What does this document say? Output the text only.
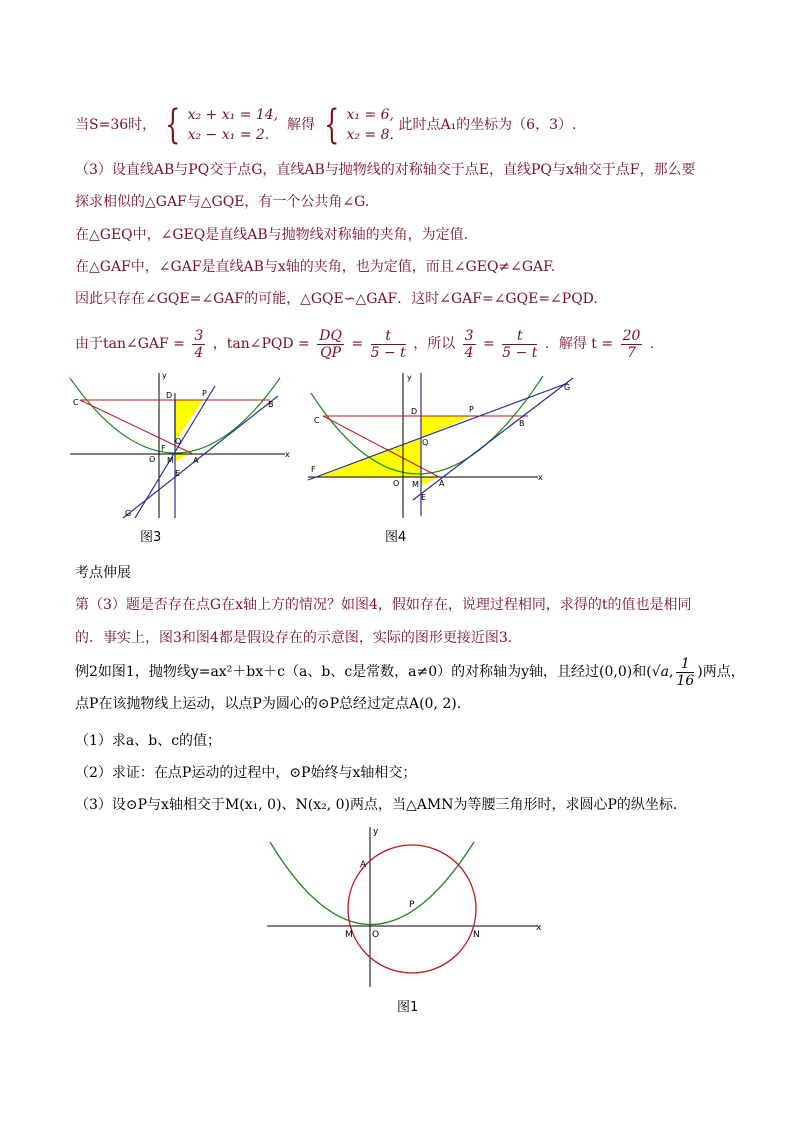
当S=36时， { x₂ + x₁ = 14,
x₂ − x₁ = 2.  解得 { x₁ = 6,
x₂ = 8. 此时点A₁的坐标为（6，3）.
（3）设直线AB与PQ交于点G，直线AB与抛物线的对称轴交于点E，直线PQ与x轴交于点F，那么要
探求相似的△GAF与△GQE，有一个公共角∠G.
在△GEQ中，∠GEQ是直线AB与抛物线对称轴的夹角，为定值.
在△GAF中，∠GAF是直线AB与x轴的夹角，也为定值，而且∠GEQ≠∠GAF.
因此只存在∠GQE=∠GAF的可能，△GQE∽△GAF．这时∠GAF=∠GQE=∠PQD.
由于tan∠GAF = $\frac{3}{4}$ ，tan∠PQD = $\frac{DQ}{QP} = \frac{t}{5 - t}$ ，所以 $\frac{3}{4} = \frac{t}{5 - t}$ ．解得 $t = \frac{20}{7}$ .
y
x
D	P
C	B
Q
F
O M A
E
G
图3
y
x
D	P
C	B
G
Q
F
O M	A
E
图4
考点伸展
第（3）题是否存在点G在x轴上方的情况？如图4，假如存在，说理过程相同，求得的t的值也是相同
的．事实上，图3和图4都是假设存在的示意图，实际的图形更接近图3.
例2如图1，抛物线y=ax²＋bx＋c（a、b、c是常数，a≠0）的对称轴为y轴，且经过(0,0)和(√a, $\frac{1}{16}$ )两点，
点P在该抛物线上运动，以点P为圆心的⊙P总经过定点A(0, 2).
（1）求a、b、c的值；
（2）求证：在点P运动的过程中，⊙P始终与x轴相交；
（3）设⊙P与x轴相交于M(x₁, 0)、N(x₂, 0)两点，当△AMN为等腰三角形时，求圆心P的纵坐标.
y
x
A
P
M O	N
图1
